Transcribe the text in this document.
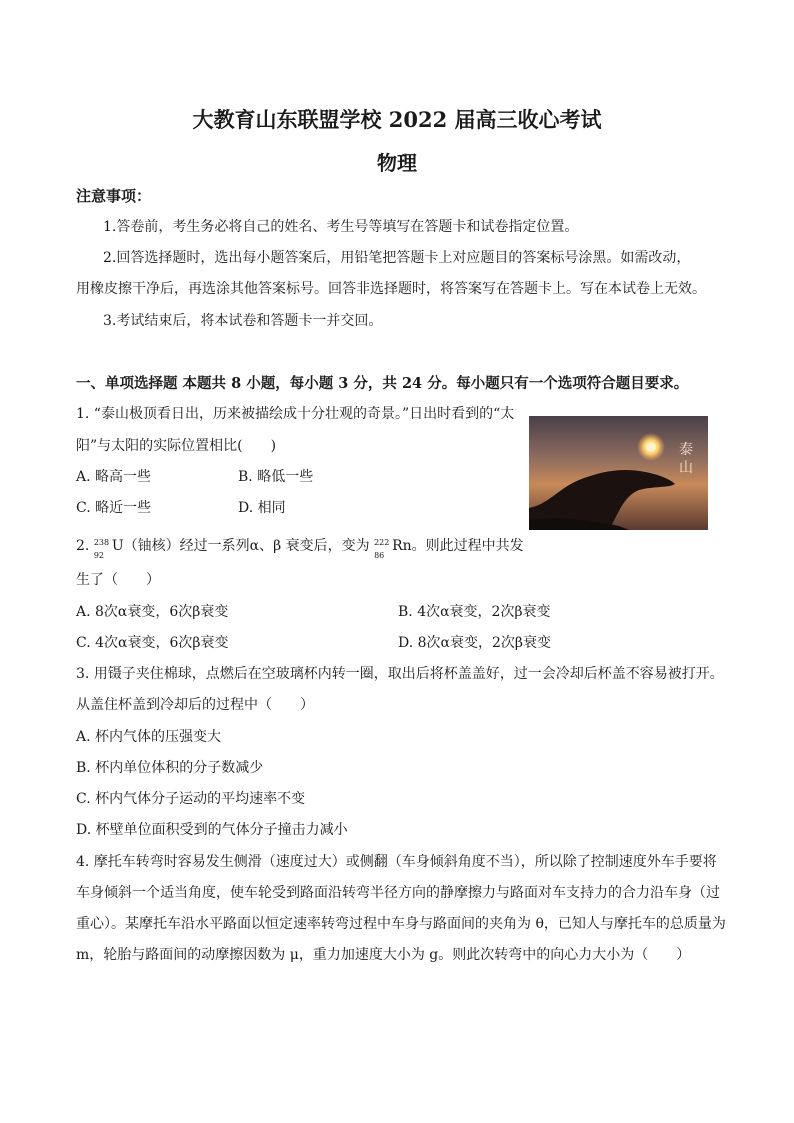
大教育山东联盟学校 2022 届高三收心考试
物理
注意事项：
1.答卷前，考生务必将自己的姓名、考生号等填写在答题卡和试卷指定位置。
2.回答选择题时，选出每小题答案后，用铅笔把答题卡上对应题目的答案标号涂黑。如需改动，
用橡皮擦干净后，再选涂其他答案标号。回答非选择题时，将答案写在答题卡上。写在本试卷上无效。
3.考试结束后，将本试卷和答题卡一并交回。
一、单项选择题 本题共 8 小题，每小题 3 分，共 24 分。每小题只有一个选项符合题目要求。
1. “泰山极顶看日出，历来被描绘成十分壮观的奇景。”日出时看到的“太
阳”与太阳的实际位置相比(　　)
A. 略高一些	B. 略低一些
C. 略近一些	D. 相同
泰
山
2. 238
92
U（铀核）经过一系列α、β 衰变后，变为 222
86
Rn。则此过程中共发
生了（　　）
A. 8次α衰变，6次β衰变	B. 4次α衰变，2次β衰变
C. 4次α衰变，6次β衰变	D. 8次α衰变，2次β衰变
3. 用镊子夹住棉球，点燃后在空玻璃杯内转一圈，取出后将杯盖盖好，过一会冷却后杯盖不容易被打开。
从盖住杯盖到冷却后的过程中（　　）
A. 杯内气体的压强变大
B. 杯内单位体积的分子数减少
C. 杯内气体分子运动的平均速率不变
D. 杯壁单位面积受到的气体分子撞击力减小
4. 摩托车转弯时容易发生侧滑（速度过大）或侧翻（车身倾斜角度不当），所以除了控制速度外车手要将
车身倾斜一个适当角度，使车轮受到路面沿转弯半径方向的静摩擦力与路面对车支持力的合力沿车身（过
重心）。某摩托车沿水平路面以恒定速率转弯过程中车身与路面间的夹角为 θ，已知人与摩托车的总质量为
m，轮胎与路面间的动摩擦因数为 μ，重力加速度大小为 g。则此次转弯中的向心力大小为（　　）
